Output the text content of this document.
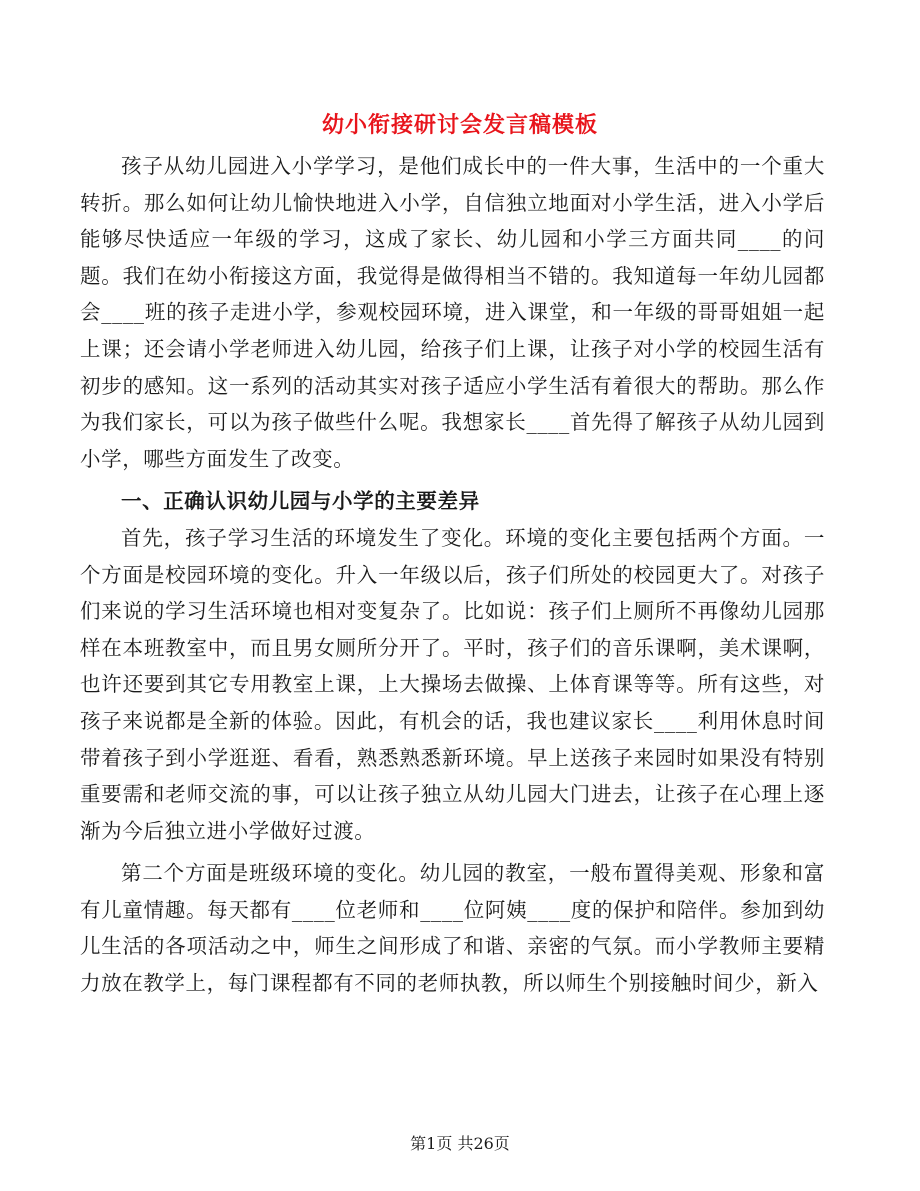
幼小衔接研讨会发言稿模板

孩子从幼儿园进入小学学习，是他们成长中的一件大事，生活中的一个重大转折。那么如何让幼儿愉快地进入小学，自信独立地面对小学生活，进入小学后能够尽快适应一年级的学习，这成了家长、幼儿园和小学三方面共同____的问题。我们在幼小衔接这方面，我觉得是做得相当不错的。我知道每一年幼儿园都会____班的孩子走进小学，参观校园环境，进入课堂，和一年级的哥哥姐姐一起上课；还会请小学老师进入幼儿园，给孩子们上课，让孩子对小学的校园生活有初步的感知。这一系列的活动其实对孩子适应小学生活有着很大的帮助。那么作为我们家长，可以为孩子做些什么呢。我想家长____首先得了解孩子从幼儿园到小学，哪些方面发生了改变。

一、正确认识幼儿园与小学的主要差异

首先，孩子学习生活的环境发生了变化。环境的变化主要包括两个方面。一个方面是校园环境的变化。升入一年级以后，孩子们所处的校园更大了。对孩子们来说的学习生活环境也相对变复杂了。比如说：孩子们上厕所不再像幼儿园那样在本班教室中，而且男女厕所分开了。平时，孩子们的音乐课啊，美术课啊，也许还要到其它专用教室上课，上大操场去做操、上体育课等等。所有这些，对孩子来说都是全新的体验。因此，有机会的话，我也建议家长____利用休息时间带着孩子到小学逛逛、看看，熟悉熟悉新环境。早上送孩子来园时如果没有特别重要需和老师交流的事，可以让孩子独立从幼儿园大门进去，让孩子在心理上逐渐为今后独立进小学做好过渡。

第二个方面是班级环境的变化。幼儿园的教室，一般布置得美观、形象和富有儿童情趣。每天都有____位老师和____位阿姨____度的保护和陪伴。参加到幼儿生活的各项活动之中，师生之间形成了和谐、亲密的气氛。而小学教师主要精力放在教学上，每门课程都有不同的老师执教，所以师生个别接触时间少，新入

第1页 共26页
